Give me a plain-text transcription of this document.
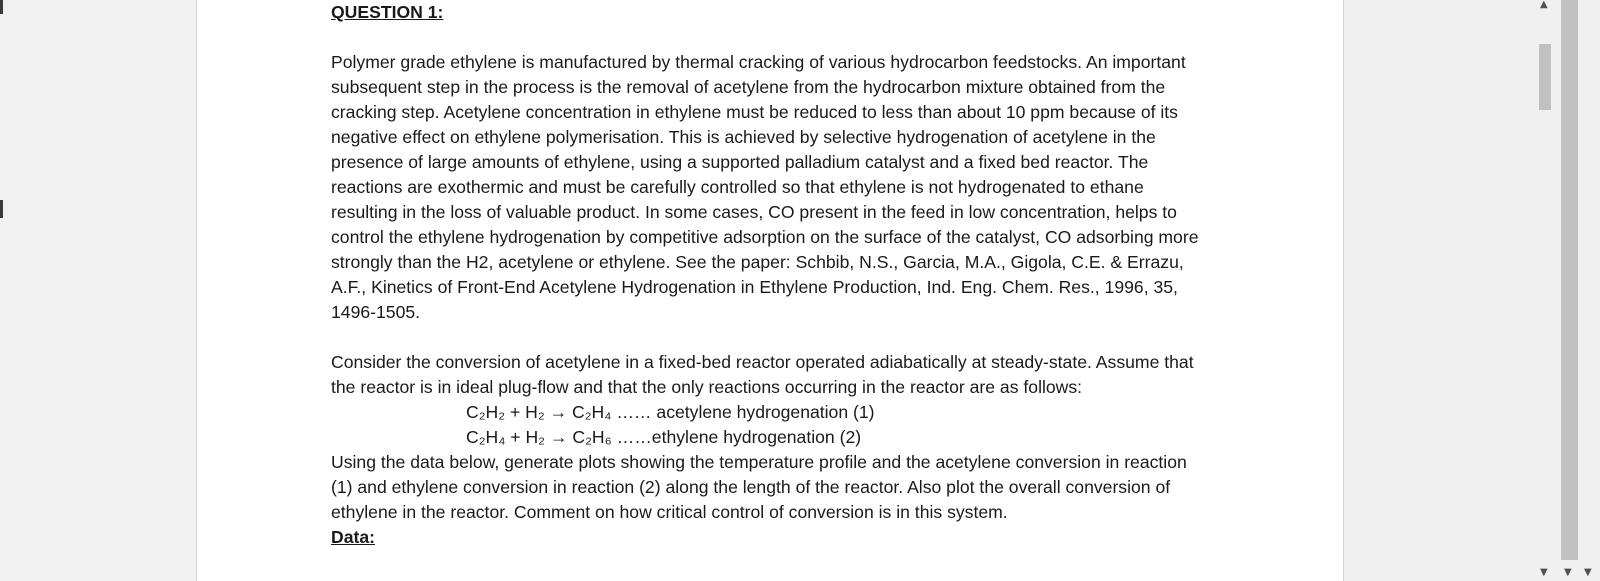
QUESTION 1:

Polymer grade ethylene is manufactured by thermal cracking of various hydrocarbon feedstocks. An important subsequent step in the process is the removal of acetylene from the hydrocarbon mixture obtained from the cracking step. Acetylene concentration in ethylene must be reduced to less than about 10 ppm because of its negative effect on ethylene polymerisation. This is achieved by selective hydrogenation of acetylene in the presence of large amounts of ethylene, using a supported palladium catalyst and a fixed bed reactor. The reactions are exothermic and must be carefully controlled so that ethylene is not hydrogenated to ethane resulting in the loss of valuable product. In some cases, CO present in the feed in low concentration, helps to control the ethylene hydrogenation by competitive adsorption on the surface of the catalyst, CO adsorbing more strongly than the H2, acetylene or ethylene. See the paper: Schbib, N.S., Garcia, M.A., Gigola, C.E. & Errazu, A.F., Kinetics of Front-End Acetylene Hydrogenation in Ethylene Production, Ind. Eng. Chem. Res., 1996, 35, 1496-1505.

Consider the conversion of acetylene in a fixed-bed reactor operated adiabatically at steady-state. Assume that the reactor is in ideal plug-flow and that the only reactions occurring in the reactor are as follows:

C₂H₂ + H₂ → C₂H₄ …… acetylene hydrogenation (1)

C₂H₄ + H₂ → C₂H₆ ……ethylene hydrogenation (2)

Using the data below, generate plots showing the temperature profile and the acetylene conversion in reaction (1) and ethylene conversion in reaction (2) along the length of the reactor. Also plot the overall conversion of ethylene in the reactor. Comment on how critical control of conversion is in this system.

Data:

▲
▼ ▼ ▼
